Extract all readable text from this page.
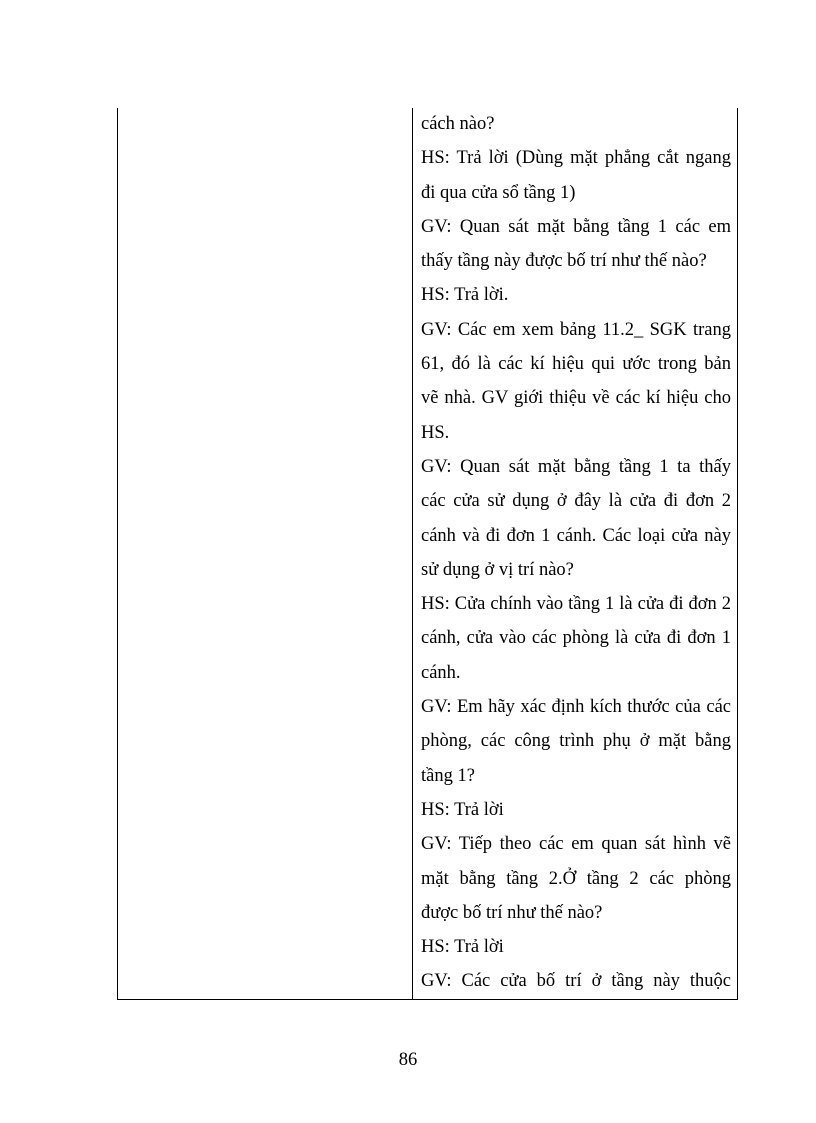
cách nào?
HS: Trả lời (Dùng mặt phẳng cắt ngang
đi qua cửa sổ tầng 1)
GV: Quan sát mặt bằng tầng 1 các em
thấy tầng này được bố trí như thế nào?
HS: Trả lời.
GV: Các em xem bảng 11.2_ SGK trang
61, đó là các kí hiệu qui ước trong bản
vẽ nhà. GV giới thiệu về các kí hiệu cho
HS.
GV: Quan sát mặt bằng tầng 1 ta thấy
các cửa sử dụng ở đây là cửa đi đơn 2
cánh và đi đơn 1 cánh. Các loại cửa này
sử dụng ở vị trí nào?
HS: Cửa chính vào tầng 1 là cửa đi đơn 2
cánh, cửa vào các phòng là cửa đi đơn 1
cánh.
GV: Em hãy xác định kích thước của các
phòng, các công trình phụ ở mặt bằng
tầng 1?
HS: Trả lời
GV: Tiếp theo các em quan sát hình vẽ
mặt bằng tầng 2.Ở tầng 2 các phòng
được bố trí như thế nào?
HS: Trả lời
GV: Các cửa bố trí ở tầng này thuộc
86
